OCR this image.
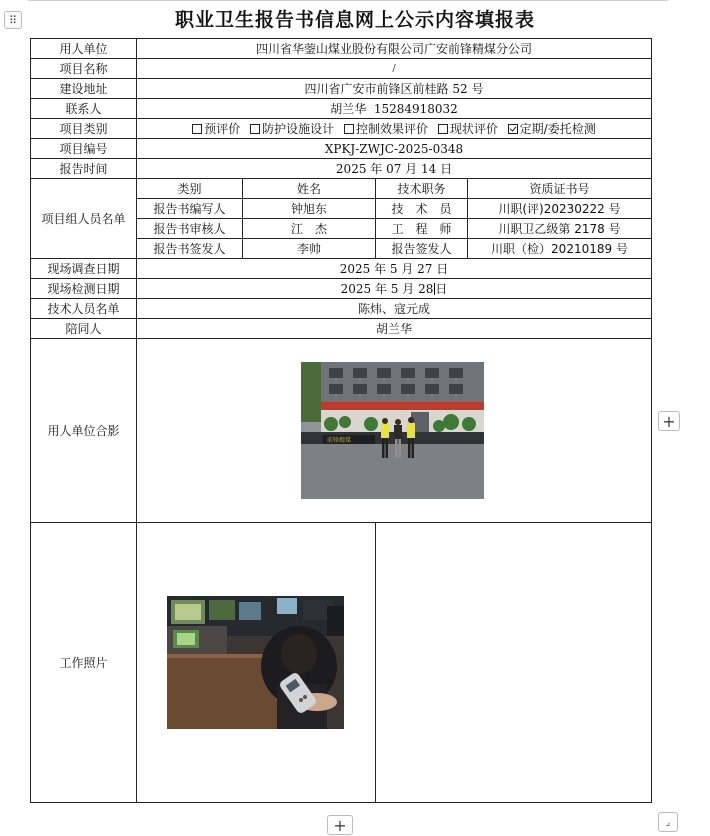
⠿	职业卫生报告书信息网上公示内容填报表
用人单位	四川省华蓥山煤业股份有限公司广安前锋精煤分公司			
项目名称	/			
建设地址	四川省广安市前锋区前桂路 52 号			
联系人	胡兰华  15284918032			
项目类别	预评价 防护设施设计 控制效果评价 现状评价 定期/委托检测			
项目编号	XPKJ-ZWJC-2025-0348			
报告时间	2025 年 07 月 14 日			
项目组人员名单	类别	姓名	技术职务	资质证书号
	报告书编写人	钟旭东	技　术　员	川职(评)20230222 号
	报告书审核人	江　杰	工　程　师	川职卫乙级第 2178 号
	报告书签发人	李帅	报告签发人	川职（检）20210189 号
现场调查日期	2025 年 5 月 27 日			
现场检测日期	2025 年 5 月 28 日			
技术人员名单	陈炜、寇元成			
陪同人	胡兰华			
用人单位合影	前锋精煤			

工作照片	

+
+	⌟
